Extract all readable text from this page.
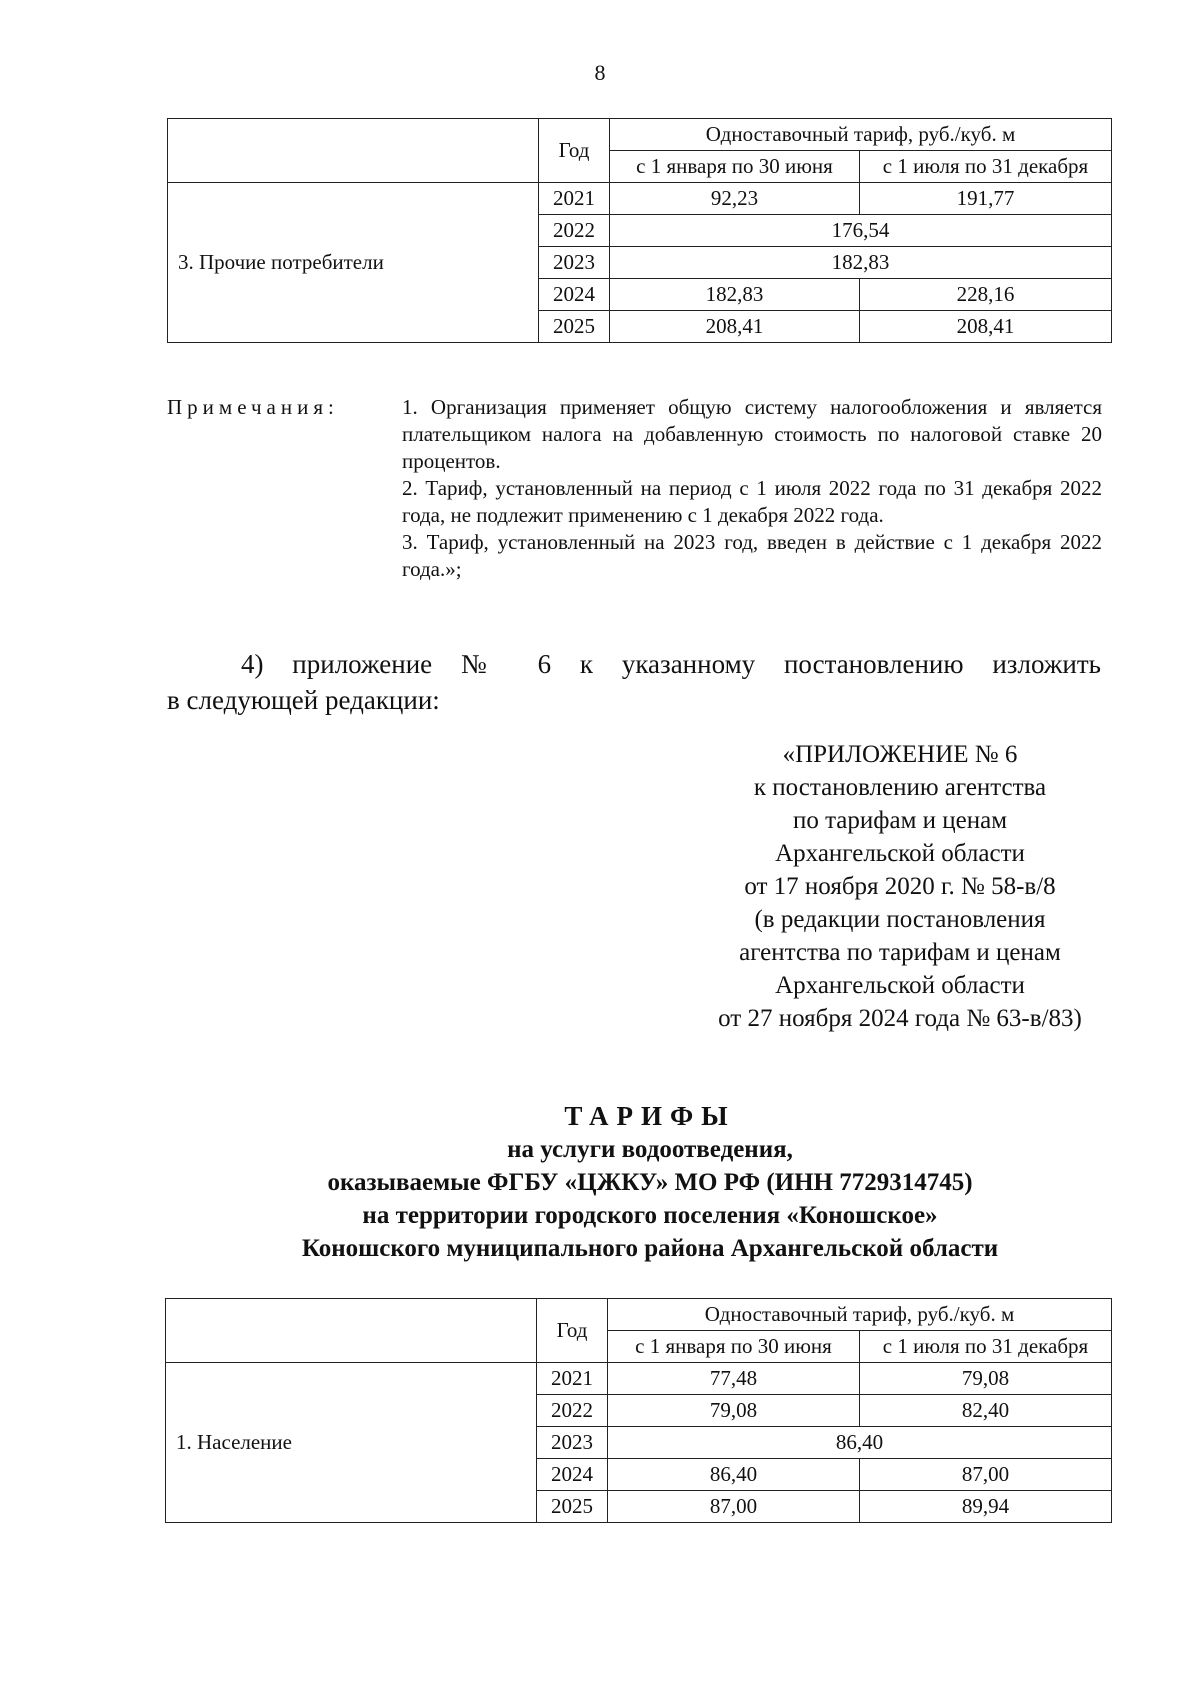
8
	Год	Одноставочный тариф, руб./куб. м	
		с 1 января по 30 июня	с 1 июля по 31 декабря
3. Прочие потребители	2021	92,23	191,77
	2022	176,54	
	2023	182,83	
	2024	182,83	228,16
	2025	208,41	208,41
Примечания:	1. Организация применяет общую систему налогообложения и является плательщиком налога на добавленную стоимость по налоговой ставке 20 процентов.

2. Тариф, установленный на период с 1 июля 2022 года по 31 декабря 2022 года, не подлежит применению с 1 декабря 2022 года.

3. Тариф, установленный на 2023 год, введен в действие с 1 декабря 2022 года.»;

4) приложение № 6 к указанному постановлению изложить
в следующей редакции:
«ПРИЛОЖЕНИЕ № 6
к постановлению агентства
по тарифам и ценам
Архангельской области
от 17 ноября 2020 г. № 58-в/8
(в редакции постановления
агентства по тарифам и ценам
Архангельской области
от 27 ноября 2024 года № 63-в/83)
ТАРИФЫ
на услуги водоотведения,
оказываемые ФГБУ «ЦЖКУ» МО РФ (ИНН 7729314745)
на территории городского поселения «Коношское»
Коношского муниципального района Архангельской области
	Год	Одноставочный тариф, руб./куб. м	
		с 1 января по 30 июня	с 1 июля по 31 декабря
1. Население	2021	77,48	79,08
	2022	79,08	82,40
	2023	86,40	
	2024	86,40	87,00
	2025	87,00	89,94
